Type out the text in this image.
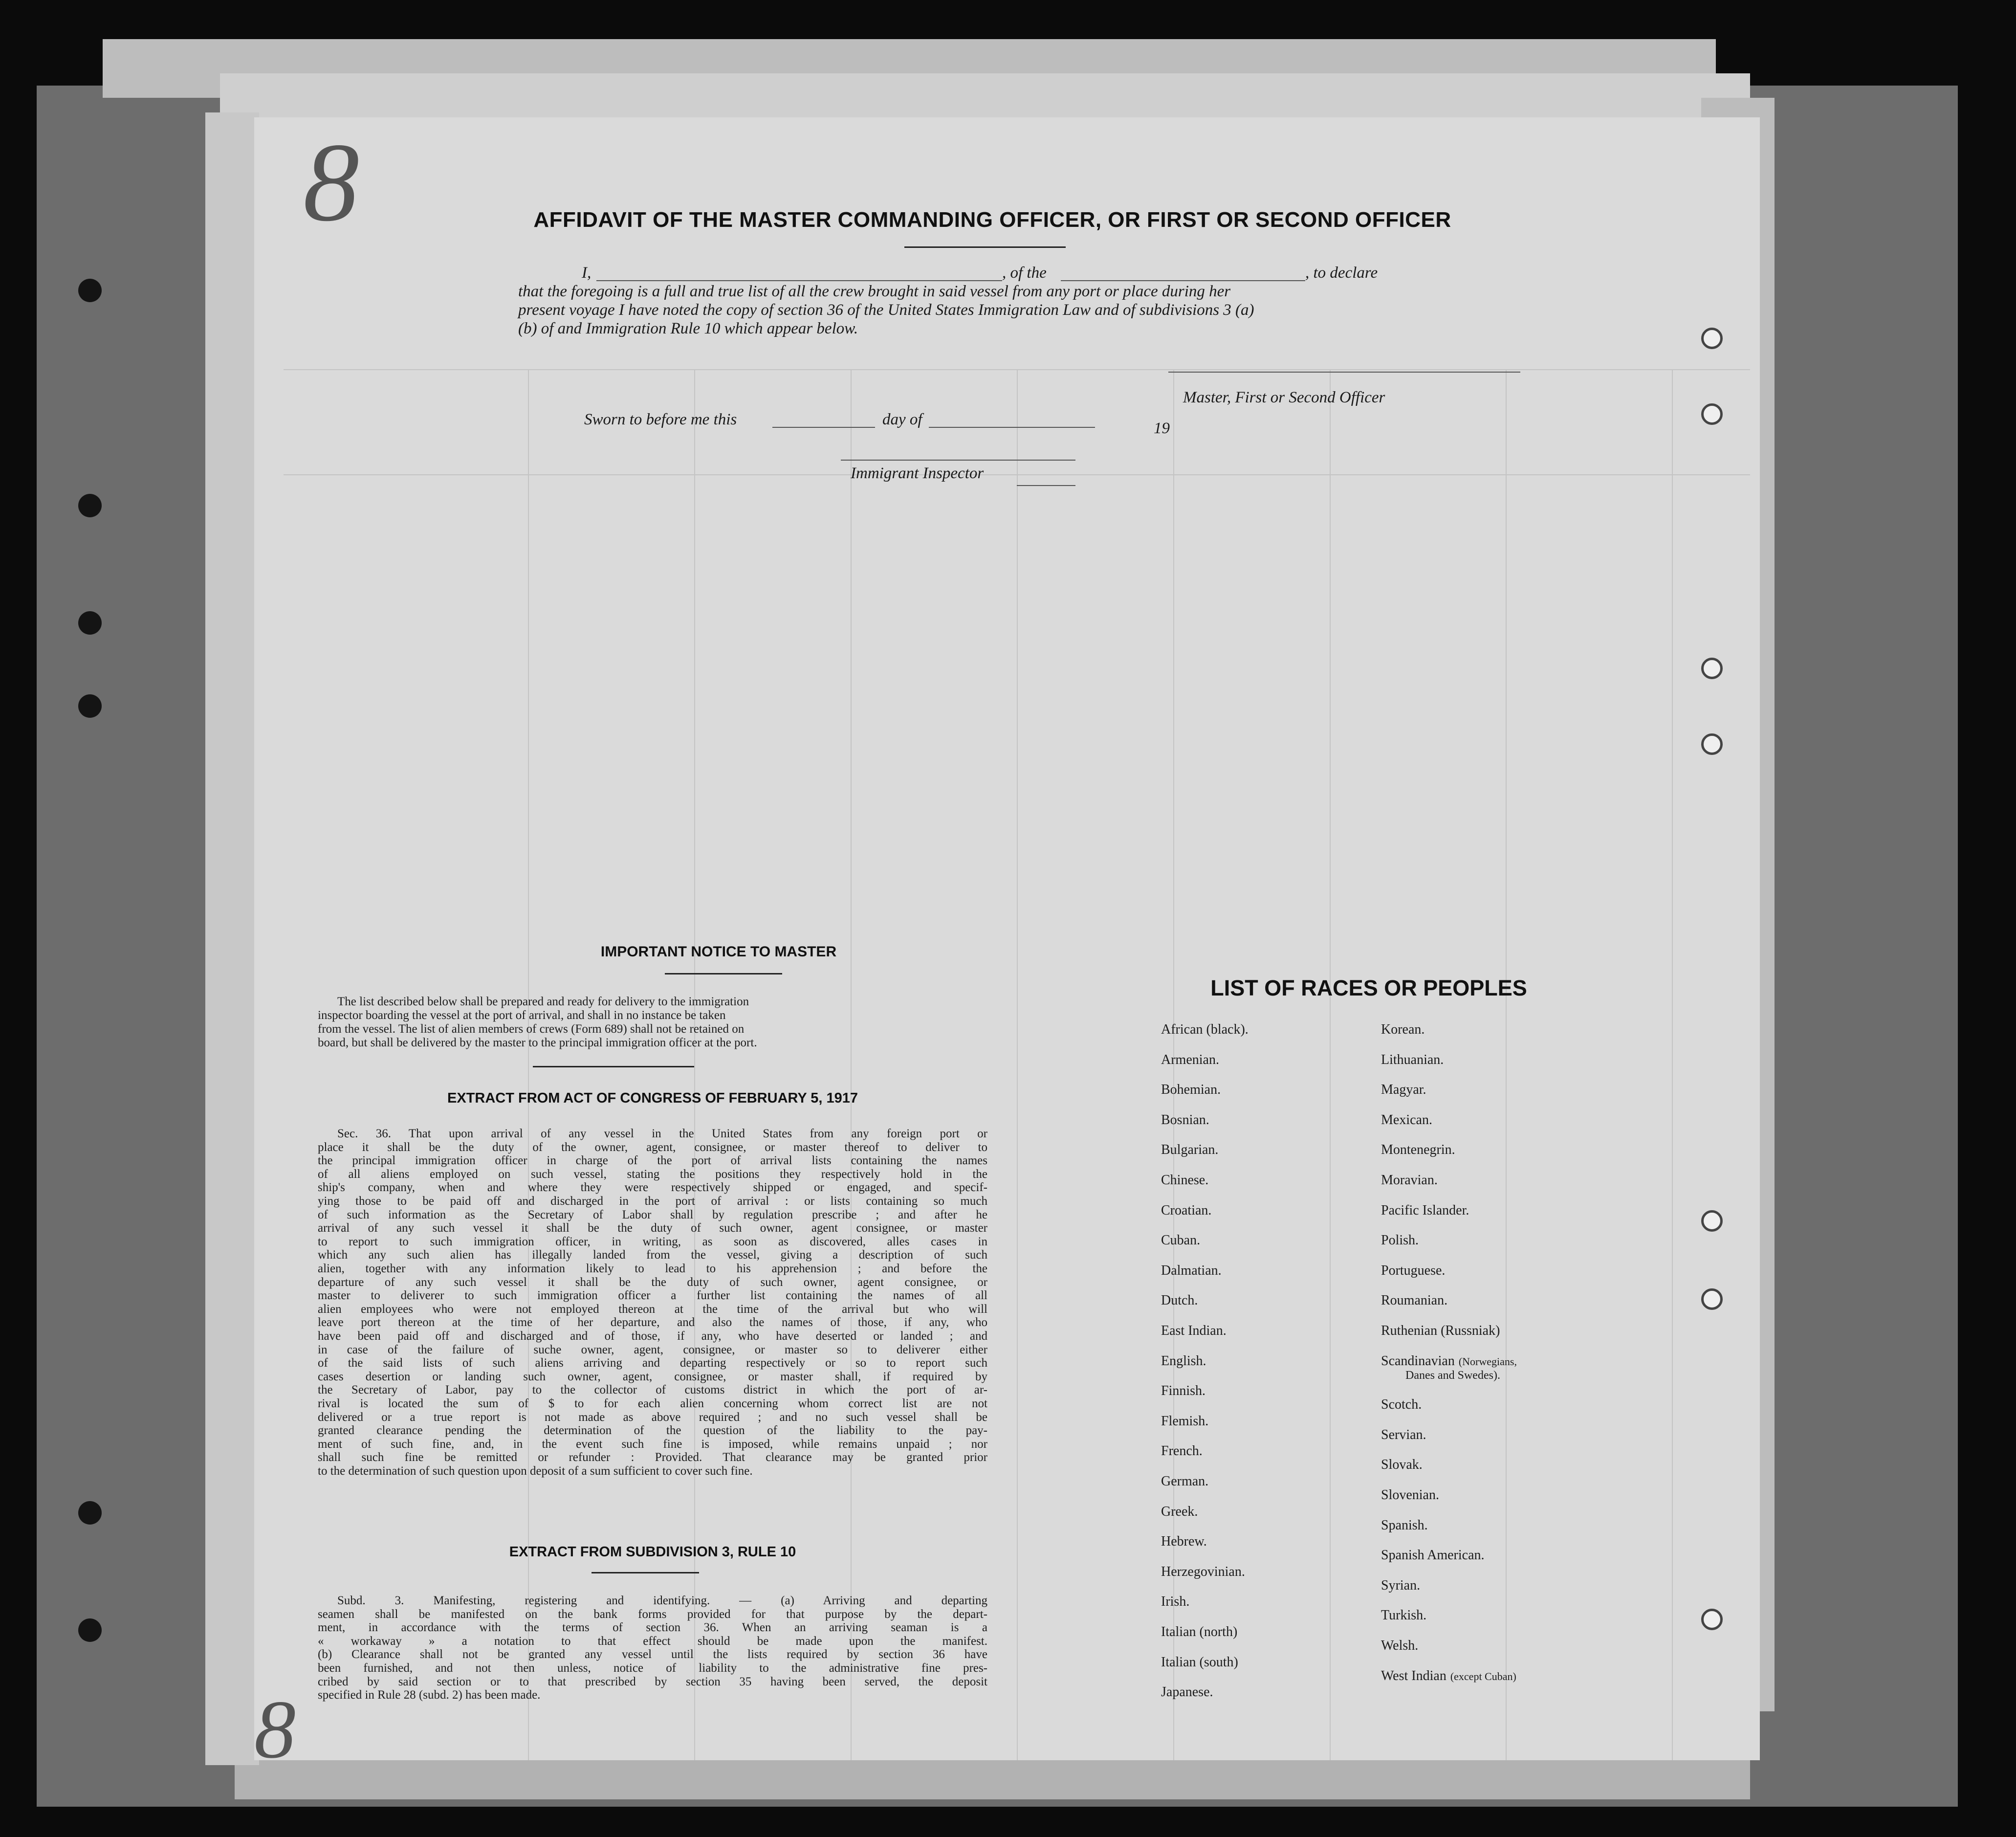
8
8
AFFIDAVIT OF THE MASTER COMMANDING OFFICER, OR FIRST OR SECOND OFFICER
I,	, of the	, to declare
that the foregoing is a full and true list of all the crew brought in said vessel from any port or place during her
present voyage I have noted the copy of section 36 of the United States Immigration Law and of subdivisions 3 (a)
(b) of and Immigration Rule 10 which appear below.
Master, First or Second Officer
Sworn to before me this	day of	19
Immigrant Inspector
IMPORTANT NOTICE TO MASTER
The list described below shall be prepared and ready for delivery to the immigration
inspector boarding the vessel at the port of arrival, and shall in no instance be taken
from the vessel. The list of alien members of crews (Form 689) shall not be retained on
board, but shall be delivered by the master to the principal immigration officer at the port.
EXTRACT FROM ACT OF CONGRESS OF FEBRUARY 5, 1917
EXTRACT FROM SUBDIVISION 3, RULE 10
LIST OF RACES OR PEOPLES
Sec. 36. That upon arrival of any vessel in the United States from any foreign port or
place it shall be the duty of the owner, agent, consignee, or master thereof to deliver to
the principal immigration officer in charge of the port of arrival lists containing the names
of all aliens employed on such vessel, stating the positions they respectively hold in the
ship's company, when and where they were respectively shipped or engaged, and specif-
ying those to be paid off and discharged in the port of arrival : or lists containing so much
of such information as the Secretary of Labor shall by regulation prescribe ; and after he
arrival of any such vessel it shall be the duty of such owner, agent consignee, or master
to report to such immigration officer, in writing, as soon as discovered, alles cases in
which any such alien has illegally landed from the vessel, giving a description of such
alien, together with any information likely to lead to his apprehension ; and before the
departure of any such vessel it shall be the duty of such owner, agent consignee, or
master to deliverer to such immigration officer a further list containing the names of all
alien employees who were not employed thereon at the time of the arrival but who will
leave port thereon at the time of her departure, and also the names of those, if any, who
have been paid off and discharged and of those, if any, who have deserted or landed ; and
in case of the failure of suche owner, agent, consignee, or master so to deliverer either
of the said lists of such aliens arriving and departing respectively or so to report such
cases desertion or landing such owner, agent, consignee, or master shall, if required by
the Secretary of Labor, pay to the collector of customs district in which the port of ar-
rival is located the sum of $ to for each alien concerning whom correct list are not
delivered or a true report is not made as above required ; and no such vessel shall be
granted clearance pending the determination of the question of the liability to the pay-
ment of such fine, and, in the event such fine is imposed, while remains unpaid ; nor
shall such fine be remitted or refunder : Provided. That clearance may be granted prior
to the determination of such question upon deposit of a sum sufficient to cover such fine.
Subd. 3. Manifesting, registering and identifying. — (a) Arriving and departing
seamen shall be manifested on the bank forms provided for that purpose by the depart-
ment, in accordance with the terms of section 36. When an arriving seaman is a
« workaway » a notation to that effect should be made upon the manifest.
(b) Clearance shall not be granted any vessel until the lists required by section 36 have
been furnished, and not then unless, notice of liability to the administrative fine pres-
cribed by said section or to that prescribed by section 35 having been served, the deposit
specified in Rule 28 (subd. 2) has been made.
African (black).
Armenian.
Bohemian.
Bosnian.
Bulgarian.
Chinese.
Croatian.
Cuban.
Dalmatian.
Dutch.
East Indian.
English.
Finnish.
Flemish.
French.
German.
Greek.
Hebrew.
Herzegovinian.
Irish.
Italian (north)
Italian (south)
Japanese.
Korean.
Lithuanian.
Magyar.
Mexican.
Montenegrin.
Moravian.
Pacific Islander.
Polish.
Portuguese.
Roumanian.
Ruthenian (Russniak)
Scandinavian (Norwegians,
Danes and Swedes).
Scotch.
Servian.
Slovak.
Slovenian.
Spanish.
Spanish American.
Syrian.
Turkish.
Welsh.
West Indian (except Cuban)
